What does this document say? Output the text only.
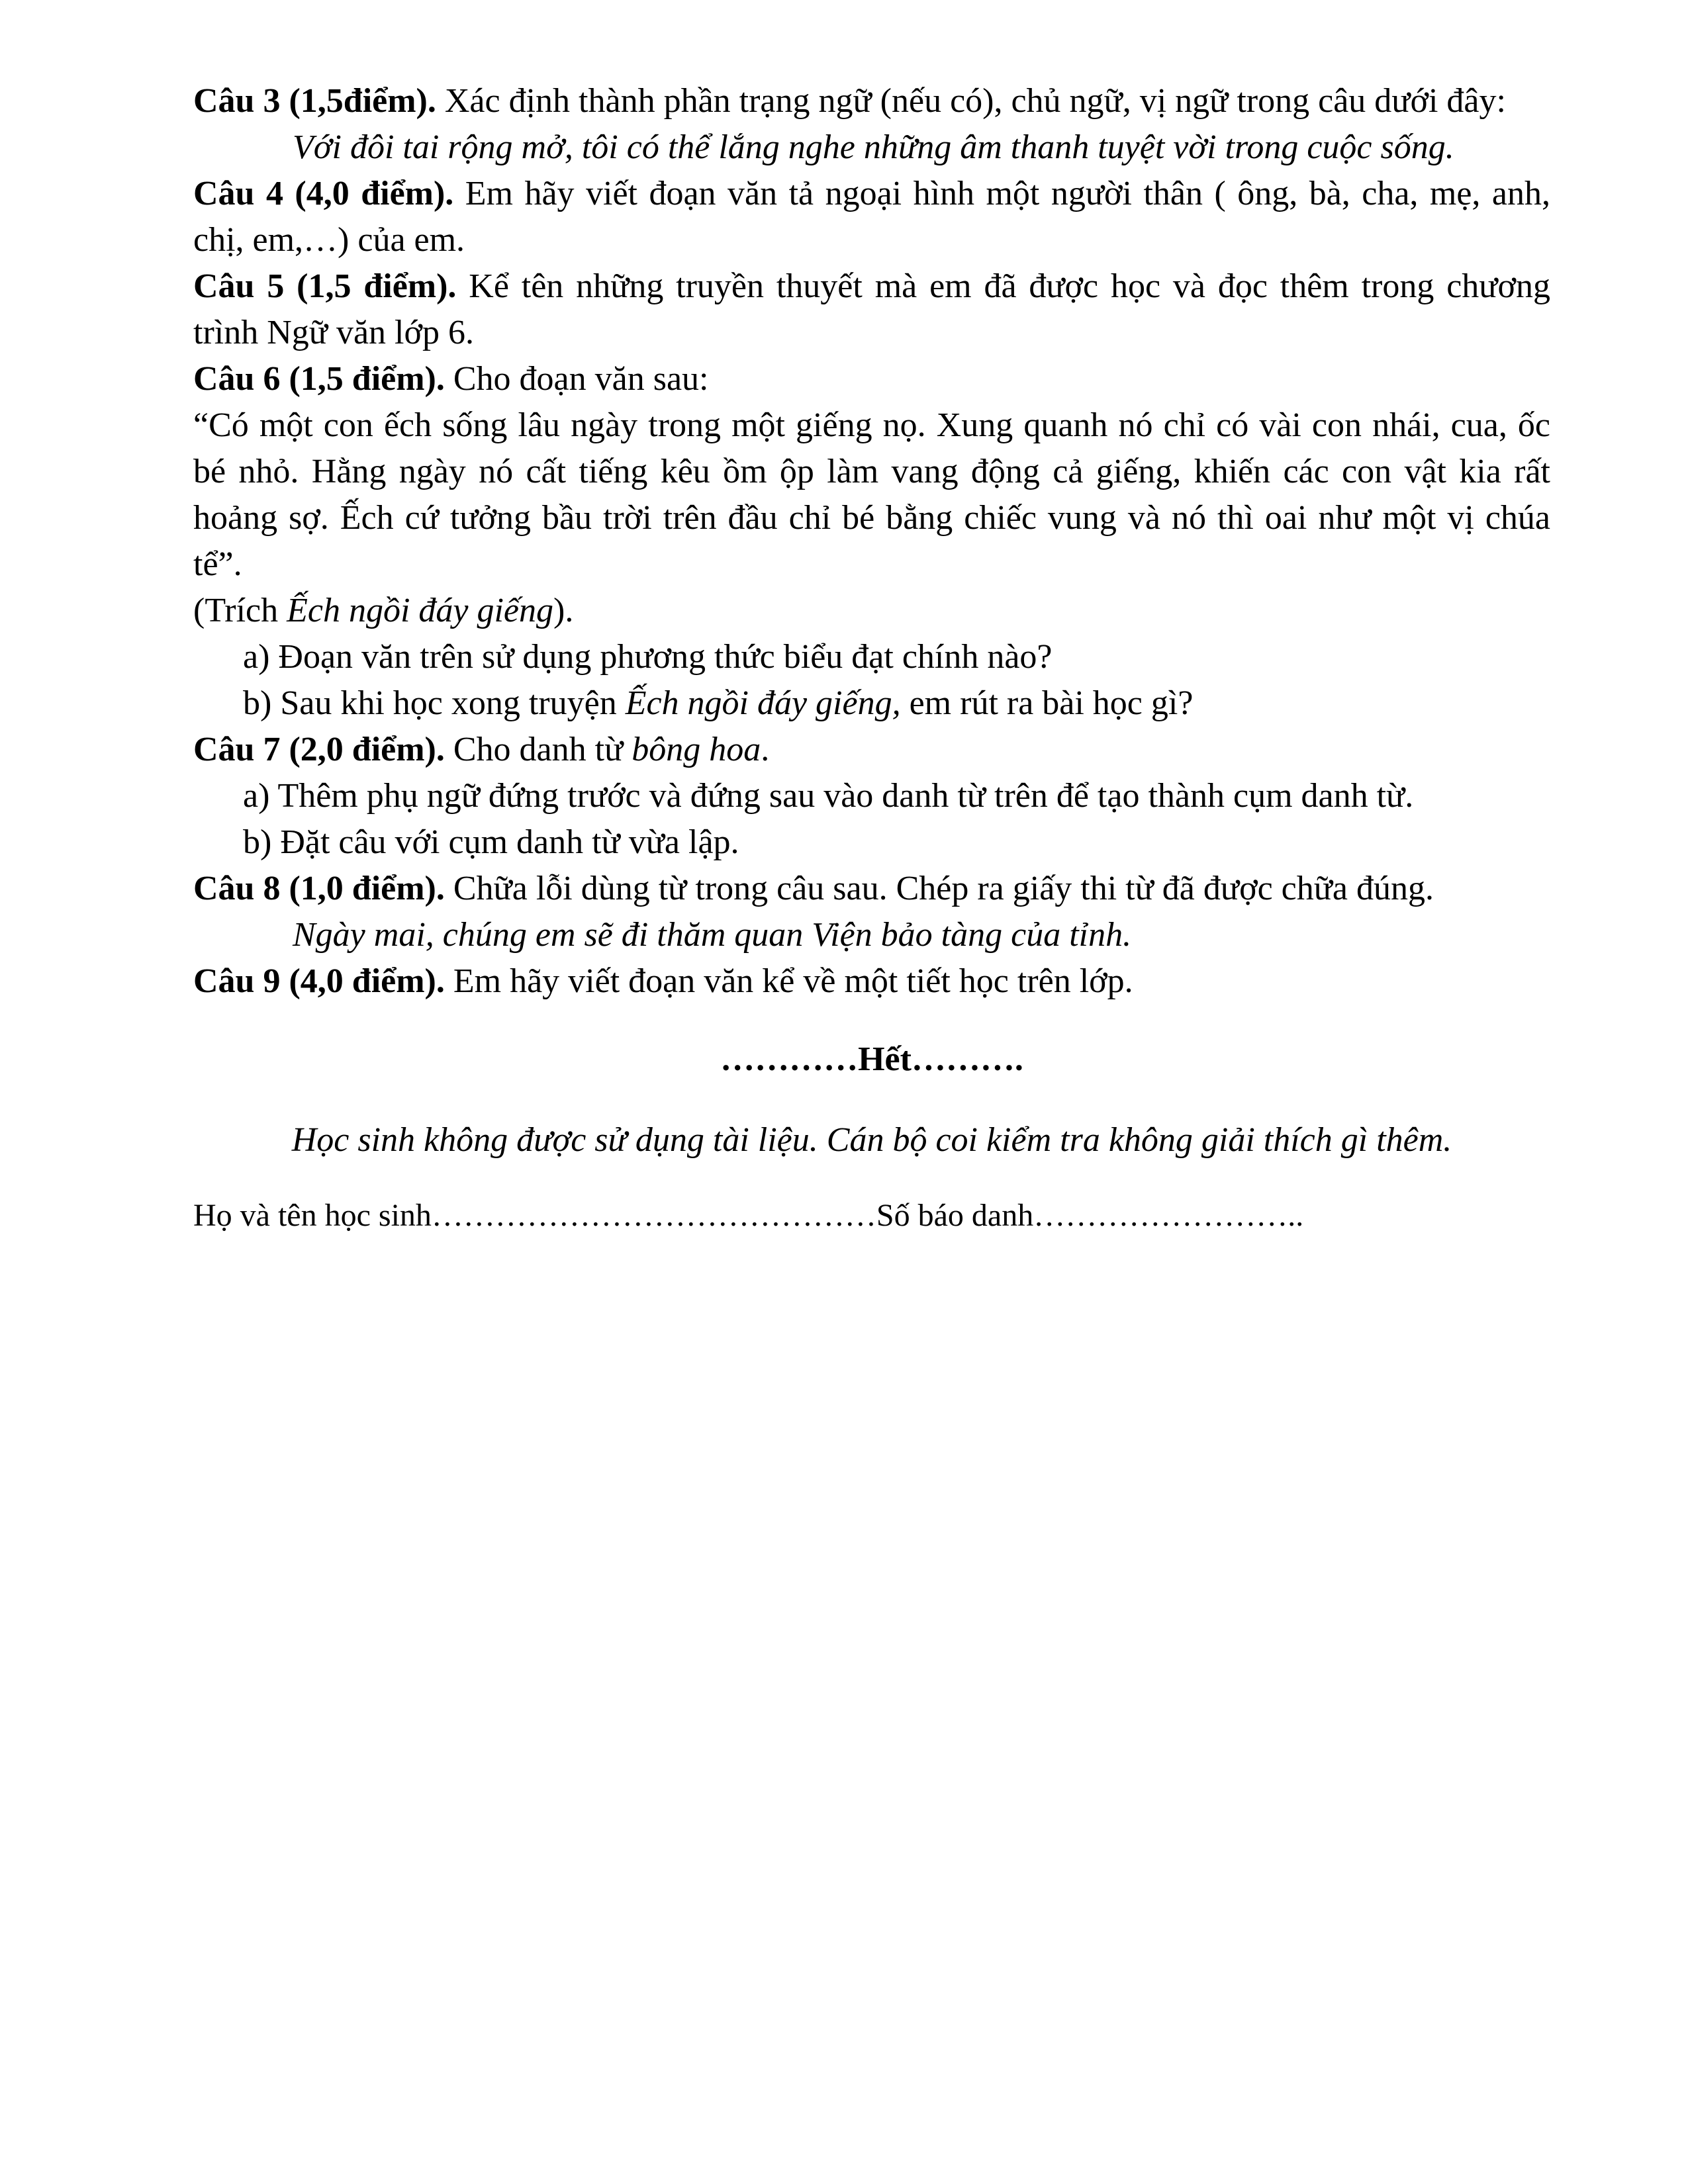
Câu 3 (1,5điểm). Xác định thành phần trạng ngữ (nếu có), chủ ngữ, vị ngữ trong câu dưới đây:

Với đôi tai rộng mở, tôi có thể lắng nghe những âm thanh tuyệt vời trong cuộc sống.

Câu 4 (4,0 điểm). Em hãy viết đoạn văn tả ngoại hình một người thân ( ông, bà, cha, mẹ, anh, chị, em,…) của em.

Câu 5 (1,5 điểm). Kể tên những truyền thuyết mà em đã được học và đọc thêm trong chương trình Ngữ văn lớp 6.

Câu 6 (1,5 điểm). Cho đoạn văn sau:

“Có một con ếch sống lâu ngày trong một giếng nọ. Xung quanh nó chỉ có vài con nhái, cua, ốc bé nhỏ. Hằng ngày nó cất tiếng kêu ồm ộp làm vang động cả giếng, khiến các con vật kia rất hoảng sợ. Ếch cứ tưởng bầu trời trên đầu chỉ bé bằng chiếc vung và nó thì oai như một vị chúa tể”.

(Trích Ếch ngồi đáy giếng).

a) Đoạn văn trên sử dụng phương thức biểu đạt chính nào?

b) Sau khi học xong truyện Ếch ngồi đáy giếng, em rút ra bài học gì?

Câu 7 (2,0 điểm). Cho danh từ bông hoa.

a) Thêm phụ ngữ đứng trước và đứng sau vào danh từ trên để tạo thành cụm danh từ.

b) Đặt câu với cụm danh từ vừa lập.

Câu 8 (1,0 điểm). Chữa lỗi dùng từ trong câu sau. Chép ra giấy thi từ đã được chữa đúng.

Ngày mai, chúng em sẽ đi thăm quan Viện bảo tàng của tỉnh.

Câu 9 (4,0 điểm). Em hãy viết đoạn văn kể về một tiết học trên lớp.

…………Hết……….

Học sinh không được sử dụng tài liệu. Cán bộ coi kiểm tra không giải thích gì thêm.

Họ và tên học sinh……………………………………Số báo danh……………………..
